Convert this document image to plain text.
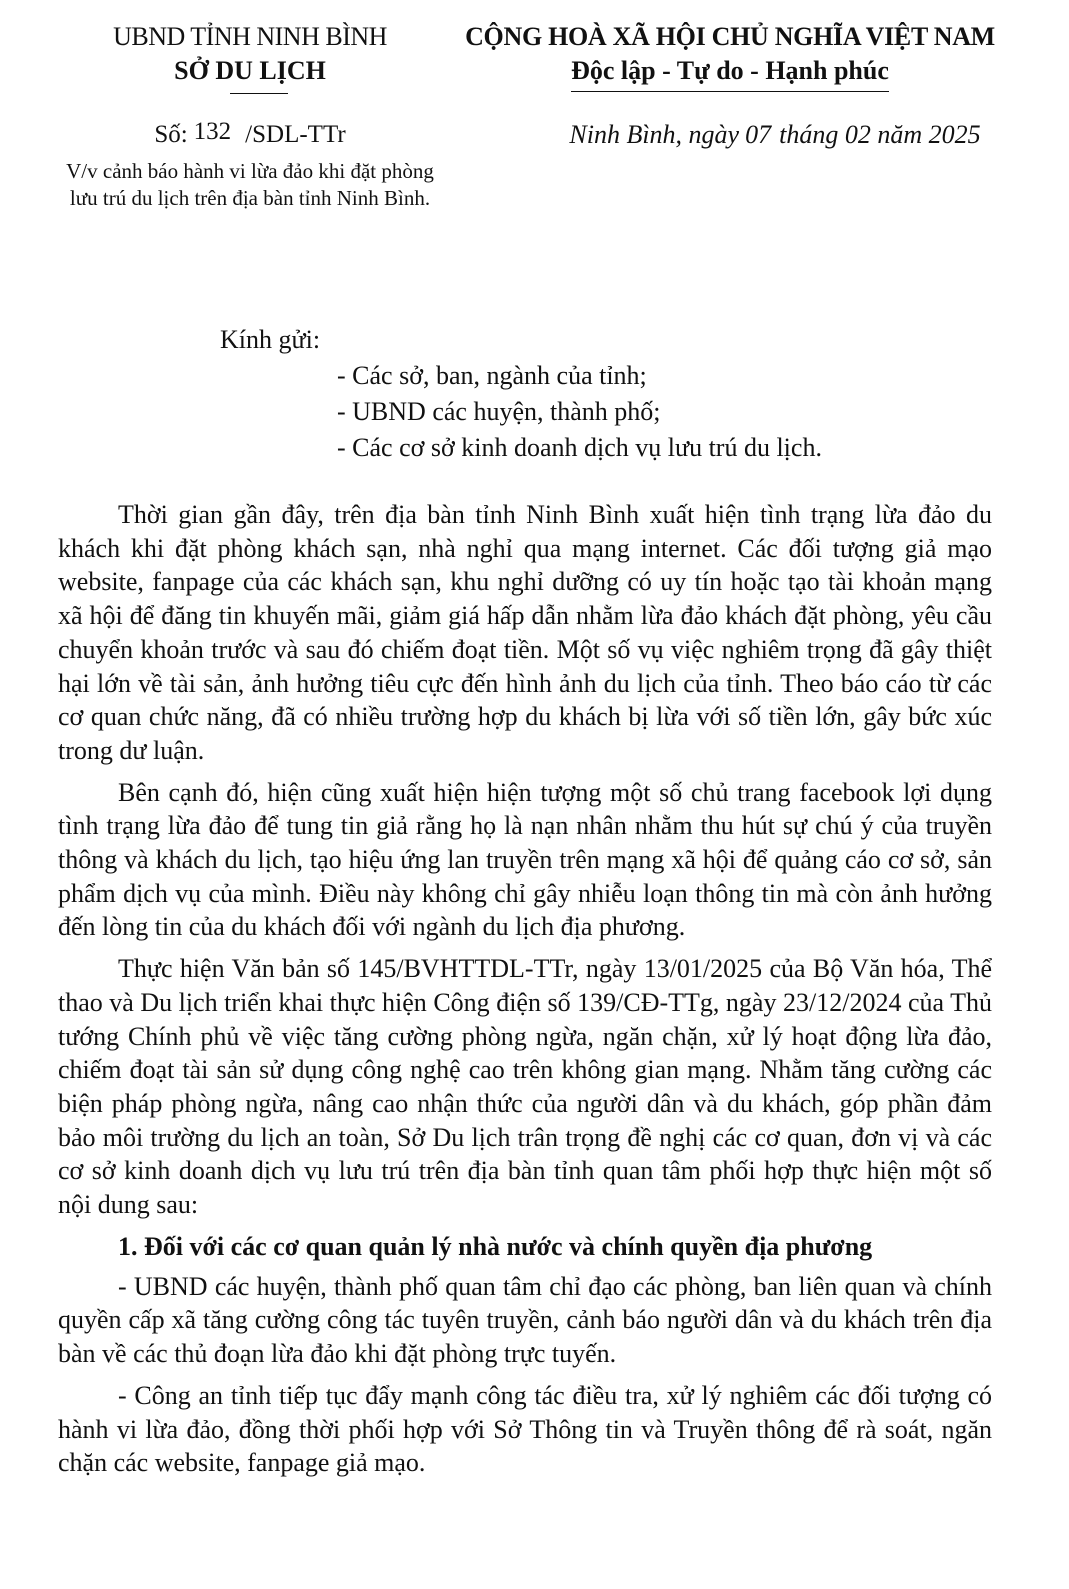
UBND TỈNH NINH BÌNH
SỞ DU LỊCH
CỘNG HOÀ XÃ HỘI CHỦ NGHĨA VIỆT NAM
Độc lập - Tự do - Hạnh phúc
Số: 132 /SDL-TTr
V/v cảnh báo hành vi lừa đảo khi đặt phòng lưu trú du lịch trên địa bàn tỉnh Ninh Bình.
Ninh Bình, ngày 07 tháng 02 năm 2025
Kính gửi:
- Các sở, ban, ngành của tỉnh;
- UBND các huyện, thành phố;
- Các cơ sở kinh doanh dịch vụ lưu trú du lịch.

Thời gian gần đây, trên địa bàn tỉnh Ninh Bình xuất hiện tình trạng lừa đảo du khách khi đặt phòng khách sạn, nhà nghỉ qua mạng internet. Các đối tượng giả mạo website, fanpage của các khách sạn, khu nghỉ dưỡng có uy tín hoặc tạo tài khoản mạng xã hội để đăng tin khuyến mãi, giảm giá hấp dẫn nhằm lừa đảo khách đặt phòng, yêu cầu chuyển khoản trước và sau đó chiếm đoạt tiền. Một số vụ việc nghiêm trọng đã gây thiệt hại lớn về tài sản, ảnh hưởng tiêu cực đến hình ảnh du lịch của tỉnh. Theo báo cáo từ các cơ quan chức năng, đã có nhiều trường hợp du khách bị lừa với số tiền lớn, gây bức xúc trong dư luận.

Bên cạnh đó, hiện cũng xuất hiện hiện tượng một số chủ trang facebook lợi dụng tình trạng lừa đảo để tung tin giả rằng họ là nạn nhân nhằm thu hút sự chú ý của truyền thông và khách du lịch, tạo hiệu ứng lan truyền trên mạng xã hội để quảng cáo cơ sở, sản phẩm dịch vụ của mình. Điều này không chỉ gây nhiễu loạn thông tin mà còn ảnh hưởng đến lòng tin của du khách đối với ngành du lịch địa phương.

Thực hiện Văn bản số 145/BVHTTDL-TTr, ngày 13/01/2025 của Bộ Văn hóa, Thể thao và Du lịch triển khai thực hiện Công điện số 139/CĐ-TTg, ngày 23/12/2024 của Thủ tướng Chính phủ về việc tăng cường phòng ngừa, ngăn chặn, xử lý hoạt động lừa đảo, chiếm đoạt tài sản sử dụng công nghệ cao trên không gian mạng. Nhằm tăng cường các biện pháp phòng ngừa, nâng cao nhận thức của người dân và du khách, góp phần đảm bảo môi trường du lịch an toàn, Sở Du lịch trân trọng đề nghị các cơ quan, đơn vị và các cơ sở kinh doanh dịch vụ lưu trú trên địa bàn tỉnh quan tâm phối hợp thực hiện một số nội dung sau:

1. Đối với các cơ quan quản lý nhà nước và chính quyền địa phương

- UBND các huyện, thành phố quan tâm chỉ đạo các phòng, ban liên quan và chính quyền cấp xã tăng cường công tác tuyên truyền, cảnh báo người dân và du khách trên địa bàn về các thủ đoạn lừa đảo khi đặt phòng trực tuyến.

- Công an tỉnh tiếp tục đẩy mạnh công tác điều tra, xử lý nghiêm các đối tượng có hành vi lừa đảo, đồng thời phối hợp với Sở Thông tin và Truyền thông để rà soát, ngăn chặn các website, fanpage giả mạo.
